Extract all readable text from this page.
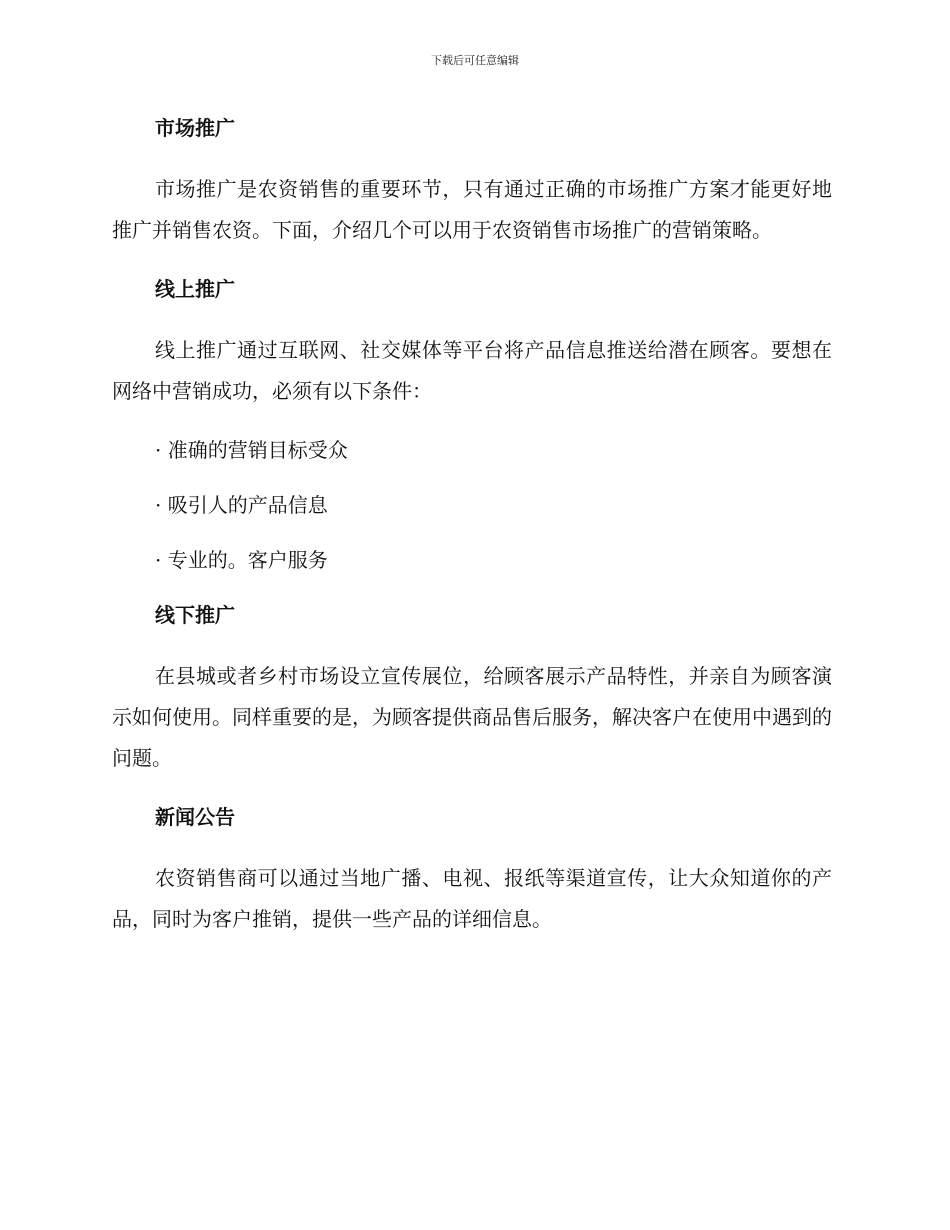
下载后可任意编辑
市场推广

市场推广是农资销售的重要环节，只有通过正确的市场推广方案才能更好地推广并销售农资。下面，介绍几个可以用于农资销售市场推广的营销策略。

线上推广

线上推广通过互联网、社交媒体等平台将产品信息推送给潜在顾客。要想在网络中营销成功，必须有以下条件：

· 准确的营销目标受众

· 吸引人的产品信息

· 专业的。客户服务

线下推广

在县城或者乡村市场设立宣传展位，给顾客展示产品特性，并亲自为顾客演示如何使用。同样重要的是，为顾客提供商品售后服务，解决客户在使用中遇到的问题。

新闻公告

农资销售商可以通过当地广播、电视、报纸等渠道宣传，让大众知道你的产品，同时为客户推销，提供一些产品的详细信息。
